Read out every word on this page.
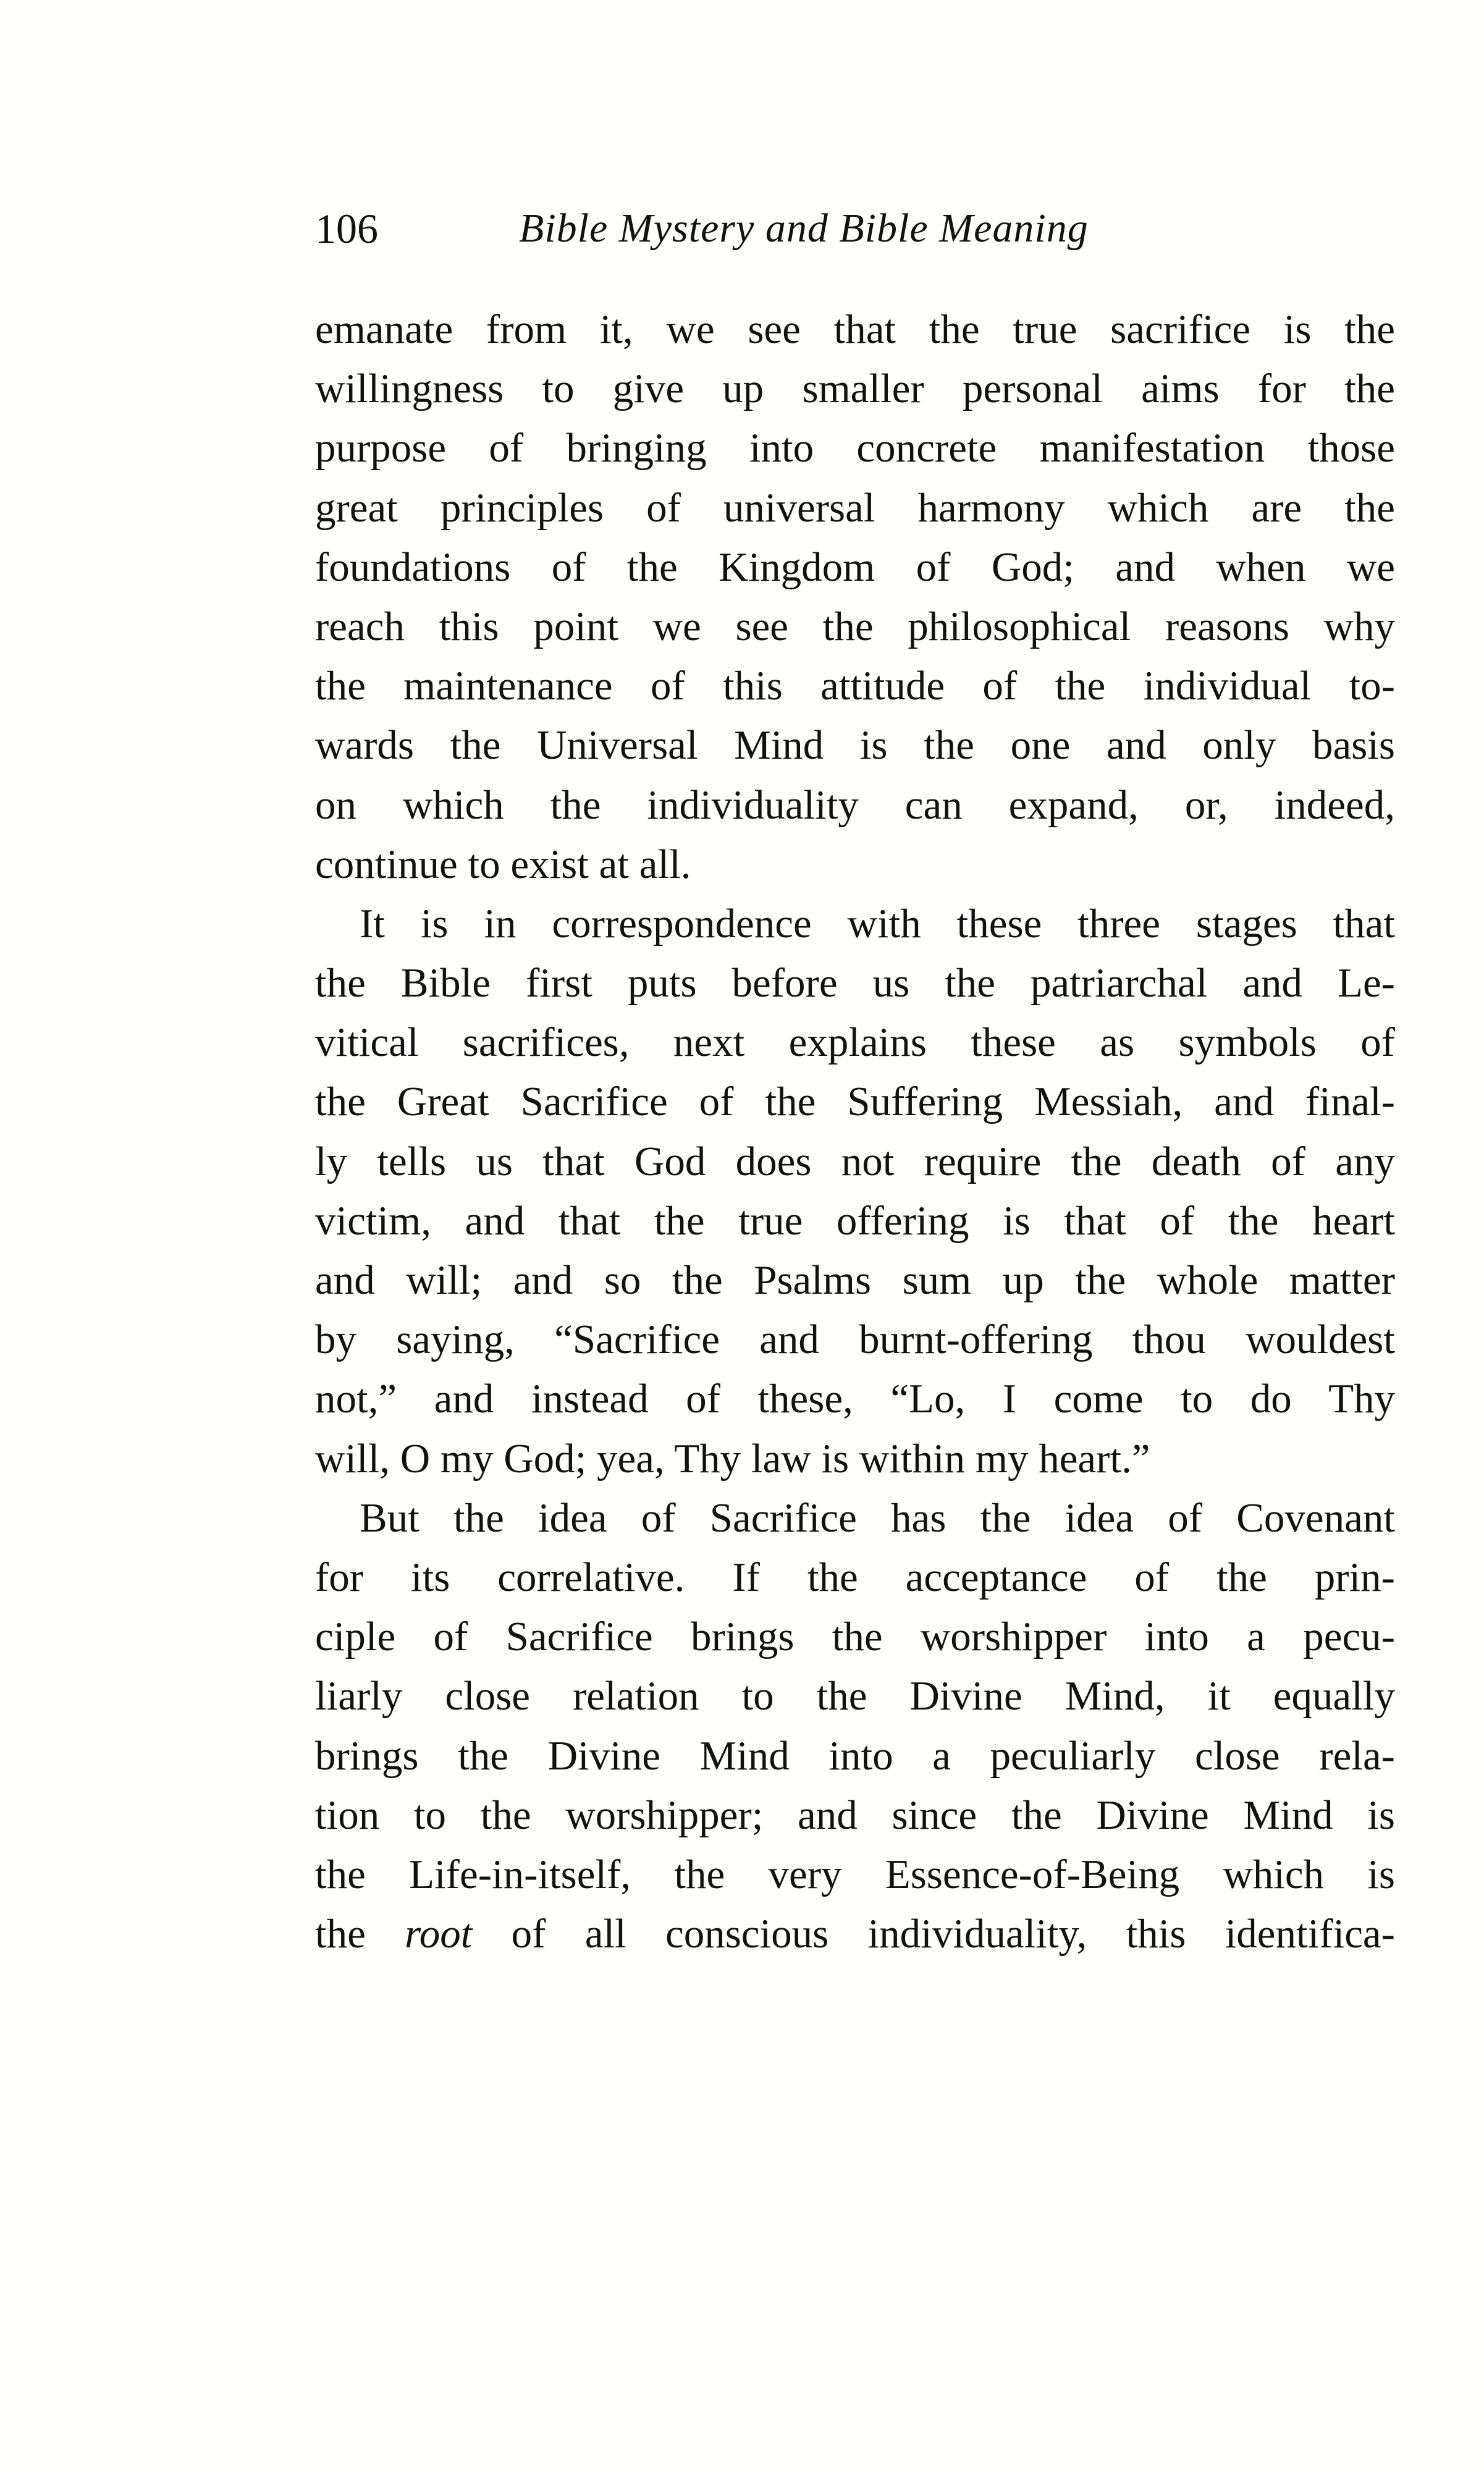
106	Bible Mystery and Bible Meaning
emanate from it, we see that the true sacrifice is the
willingness to give up smaller personal aims for the
purpose of bringing into concrete manifestation those
great principles of universal harmony which are the
foundations of the Kingdom of God; and when we
reach this point we see the philosophical reasons why
the maintenance of this attitude of the individual to-
wards the Universal Mind is the one and only basis
on which the individuality can expand, or, indeed,
continue to exist at all.
It is in correspondence with these three stages that
the Bible first puts before us the patriarchal and Le-
vitical sacrifices, next explains these as symbols of
the Great Sacrifice of the Suffering Messiah, and final-
ly tells us that God does not require the death of any
victim, and that the true offering is that of the heart
and will; and so the Psalms sum up the whole matter
by saying, “Sacrifice and burnt-offering thou wouldest
not,” and instead of these, “Lo, I come to do Thy
will, O my God; yea, Thy law is within my heart.”
But the idea of Sacrifice has the idea of Covenant
for its correlative. If the acceptance of the prin-
ciple of Sacrifice brings the worshipper into a pecu-
liarly close relation to the Divine Mind, it equally
brings the Divine Mind into a peculiarly close rela-
tion to the worshipper; and since the Divine Mind is
the Life-in-itself, the very Essence-of-Being which is
the root of all conscious individuality, this identifica-
